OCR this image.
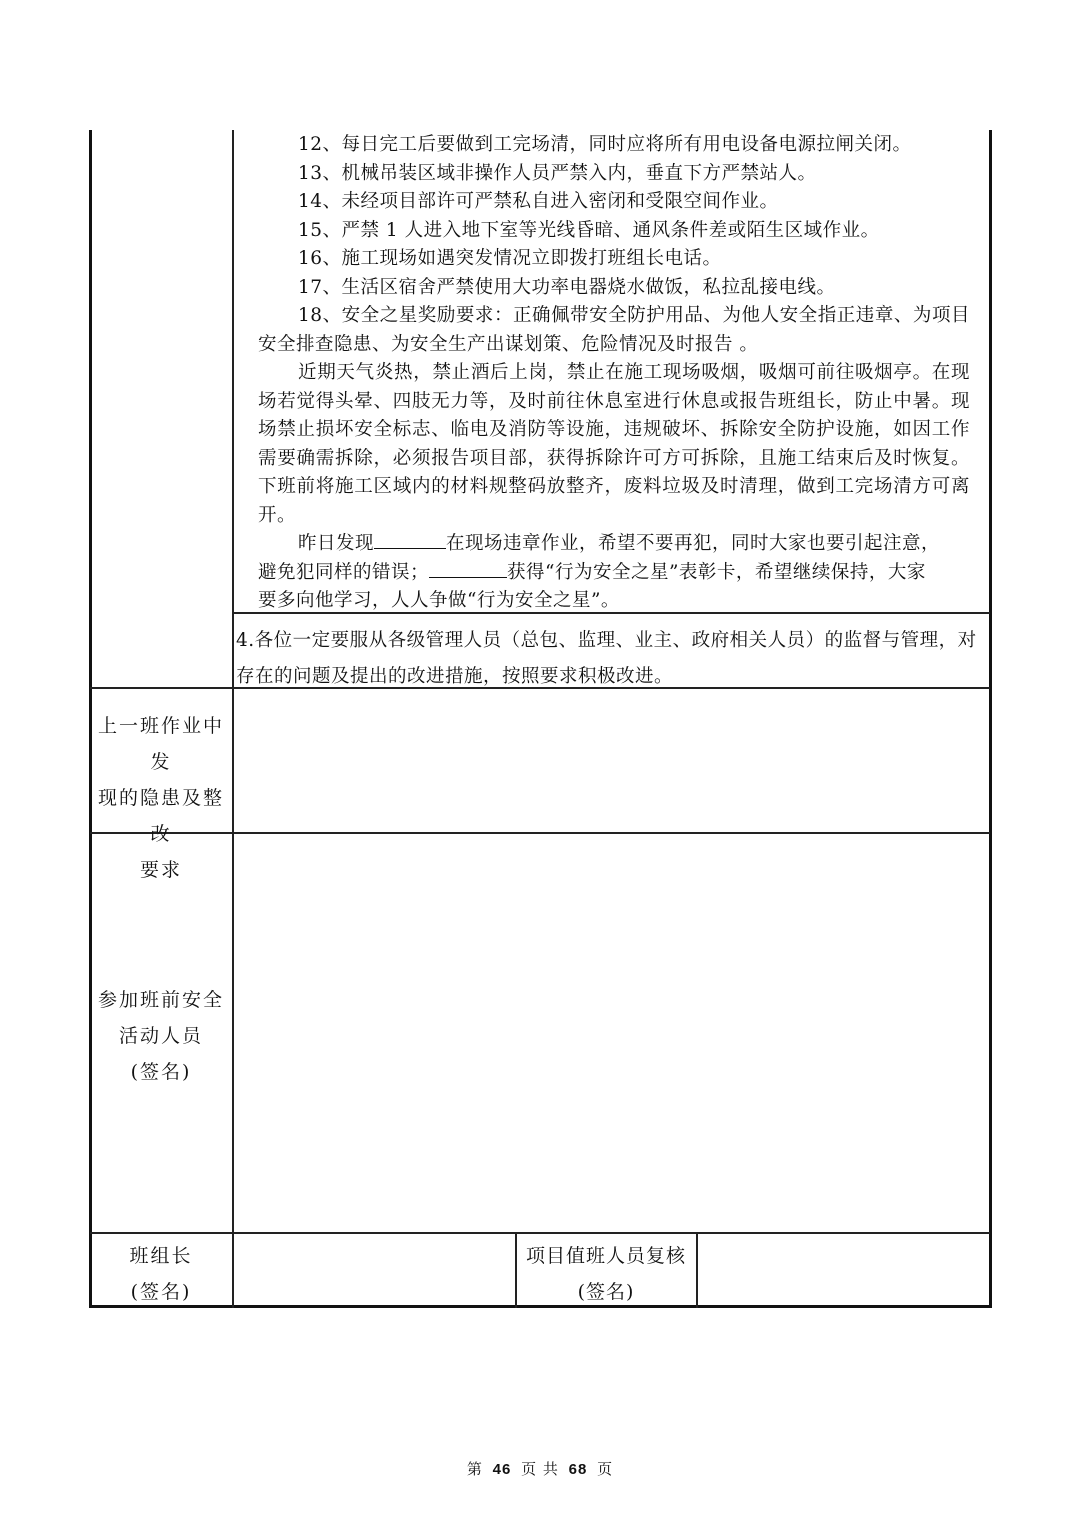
12、每日完工后要做到工完场清，同时应将所有用电设备电源拉闸关闭。

13、机械吊装区域非操作人员严禁入内，垂直下方严禁站人。

14、未经项目部许可严禁私自进入密闭和受限空间作业。

15、严禁 1 人进入地下室等光线昏暗、通风条件差或陌生区域作业。

16、施工现场如遇突发情况立即拨打班组长电话。

17、生活区宿舍严禁使用大功率电器烧水做饭，私拉乱接电线。

18、安全之星奖励要求：正确佩带安全防护用品、为他人安全指正违章、为项目安全排查隐患、为安全生产出谋划策、危险情况及时报告 。

近期天气炎热，禁止酒后上岗，禁止在施工现场吸烟，吸烟可前往吸烟亭。在现场若觉得头晕、四肢无力等，及时前往休息室进行休息或报告班组长，防止中暑。现场禁止损坏安全标志、临电及消防等设施，违规破坏、拆除安全防护设施，如因工作需要确需拆除，必须报告项目部，获得拆除许可方可拆除，且施工结束后及时恢复。下班前将施工区域内的材料规整码放整齐，废料垃圾及时清理，做到工完场清方可离开。

昨日发现	在现场违章作业，希望不要再犯，同时大家也要引起注意，

避免犯同样的错误；	获得“行为安全之星”表彰卡，希望继续保持，大家

要多向他学习，人人争做“行为安全之星”。

4.各位一定要服从各级管理人员（总包、监理、业主、政府相关人员）的监督与管理，对存在的问题及提出的改进措施，按照要求积极改进。
上一班作业中发
现的隐患及整改
要求
参加班前安全
活动人员
(签名)
班组长
(签名)
项目值班人员复核
(签名)
第 46 页 共 68 页
